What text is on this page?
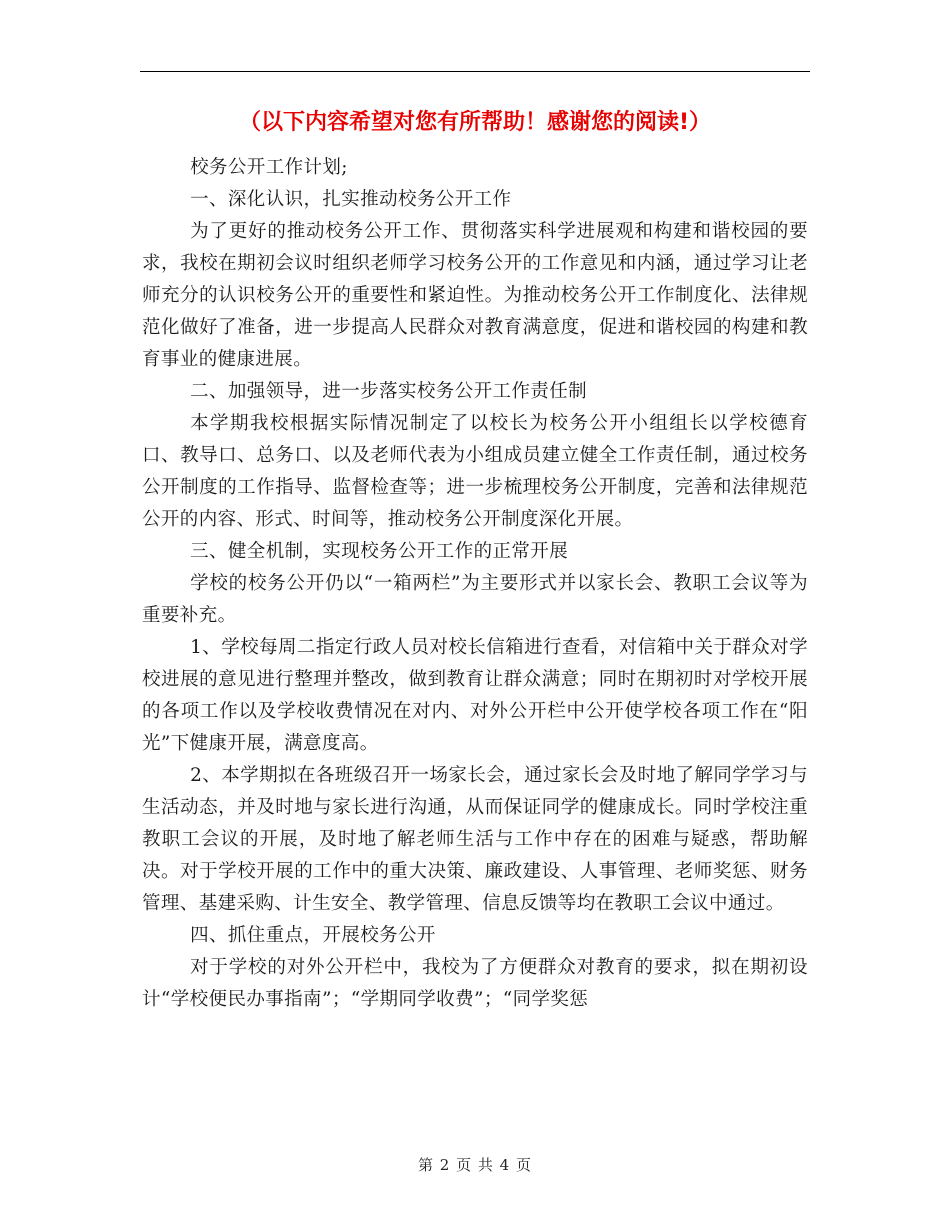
（以下内容希望对您有所帮助！感谢您的阅读!）

校务公开工作计划;

一、深化认识，扎实推动校务公开工作

为了更好的推动校务公开工作、贯彻落实科学进展观和构建和谐校园的要求，我校在期初会议时组织老师学习校务公开的工作意见和内涵，通过学习让老师充分的认识校务公开的重要性和紧迫性。为推动校务公开工作制度化、法律规范化做好了准备，进一步提高人民群众对教育满意度，促进和谐校园的构建和教育事业的健康进展。

二、加强领导，进一步落实校务公开工作责任制

本学期我校根据实际情况制定了以校长为校务公开小组组长以学校德育口、教导口、总务口、以及老师代表为小组成员建立健全工作责任制，通过校务公开制度的工作指导、监督检查等；进一步梳理校务公开制度，完善和法律规范公开的内容、形式、时间等，推动校务公开制度深化开展。

三、健全机制，实现校务公开工作的正常开展

学校的校务公开仍以“一箱两栏”为主要形式并以家长会、教职工会议等为重要补充。

1、学校每周二指定行政人员对校长信箱进行查看，对信箱中关于群众对学校进展的意见进行整理并整改，做到教育让群众满意；同时在期初时对学校开展的各项工作以及学校收费情况在对内、对外公开栏中公开使学校各项工作在“阳光”下健康开展，满意度高。

2、本学期拟在各班级召开一场家长会，通过家长会及时地了解同学学习与生活动态，并及时地与家长进行沟通，从而保证同学的健康成长。同时学校注重教职工会议的开展，及时地了解老师生活与工作中存在的困难与疑惑，帮助解决。对于学校开展的工作中的重大决策、廉政建设、人事管理、老师奖惩、财务管理、基建采购、计生安全、教学管理、信息反馈等均在教职工会议中通过。

四、抓住重点，开展校务公开

对于学校的对外公开栏中，我校为了方便群众对教育的要求，拟在期初设计“学校便民办事指南”；“学期同学收费”；“同学奖惩

第 2 页 共 4 页
